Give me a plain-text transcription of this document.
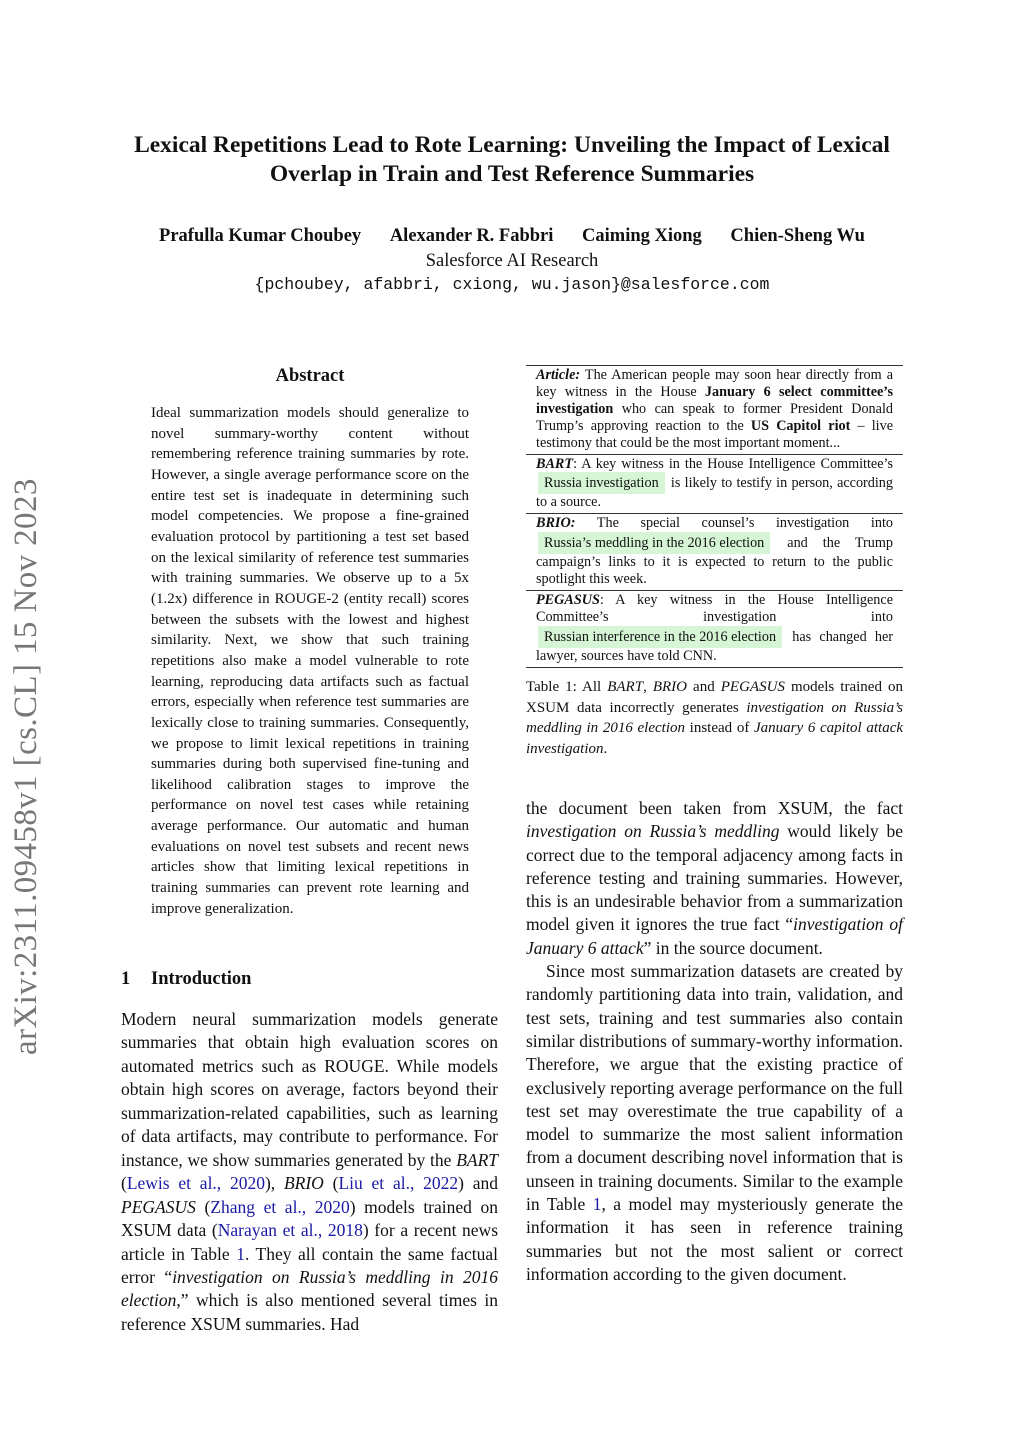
arXiv:2311.09458v1 [cs.CL] 15 Nov 2023
Lexical Repetitions Lead to Rote Learning: Unveiling the Impact of Lexical Overlap in Train and Test Reference Summaries
Prafulla Kumar Choubey Alexander R. Fabbri Caiming Xiong Chien-Sheng Wu
Salesforce AI Research
{pchoubey, afabbri, cxiong, wu.jason}@salesforce.com
Abstract
Ideal summarization models should generalize to novel summary-worthy content without remembering reference training summaries by rote. However, a single average performance score on the entire test set is inadequate in determining such model competencies. We propose a fine-grained evaluation protocol by partitioning a test set based on the lexical similarity of reference test summaries with training summaries. We observe up to a 5x (1.2x) difference in ROUGE-2 (entity recall) scores between the subsets with the lowest and highest similarity. Next, we show that such training repetitions also make a model vulnerable to rote learning, reproducing data artifacts such as factual errors, especially when reference test summaries are lexically close to training summaries. Consequently, we propose to limit lexical repetitions in training summaries during both supervised fine-tuning and likelihood calibration stages to improve the performance on novel test cases while retaining average performance. Our automatic and human evaluations on novel test subsets and recent news articles show that limiting lexical repetitions in training summaries can prevent rote learning and improve generalization.
1 Introduction
Modern neural summarization models generate summaries that obtain high evaluation scores on automated metrics such as ROUGE. While models obtain high scores on average, factors beyond their summarization-related capabilities, such as learning of data artifacts, may contribute to performance. For instance, we show summaries generated by the BART (Lewis et al., 2020), BRIO (Liu et al., 2022) and PEGASUS (Zhang et al., 2020) models trained on XSUM data (Narayan et al., 2018) for a recent news article in Table 1. They all contain the same factual error “investigation on Russia’s meddling in 2016 election,” which is also mentioned several times in reference XSUM summaries. Had
Article: The American people may soon hear directly from a key witness in the House January 6 select committee’s investigation who can speak to former President Donald Trump’s approving reaction to the US Capitol riot – live testimony that could be the most important moment...
BART: A key witness in the House Intelligence Committee’s Russia investigation is likely to testify in person, according to a source.
BRIO: The special counsel’s investigation into Russia’s meddling in the 2016 election and the Trump campaign’s links to it is expected to return to the public spotlight this week.
PEGASUS: A key witness in the House Intelligence Committee’s investigation into Russian interference in the 2016 election has changed her lawyer, sources have told CNN.
Table 1: All BART, BRIO and PEGASUS models trained on XSUM data incorrectly generates investigation on Russia’s meddling in 2016 election instead of January 6 capitol attack investigation.

the document been taken from XSUM, the fact investigation on Russia’s meddling would likely be correct due to the temporal adjacency among facts in reference testing and training summaries. However, this is an undesirable behavior from a summarization model given it ignores the true fact “investigation of January 6 attack” in the source document.

Since most summarization datasets are created by randomly partitioning data into train, validation, and test sets, training and test summaries also contain similar distributions of summary-worthy information. Therefore, we argue that the existing practice of exclusively reporting average performance on the full test set may overestimate the true capability of a model to summarize the most salient information from a document describing novel information that is unseen in training documents. Similar to the example in Table 1, a model may mysteriously generate the information it has seen in reference training summaries but not the most salient or correct information according to the given document.
